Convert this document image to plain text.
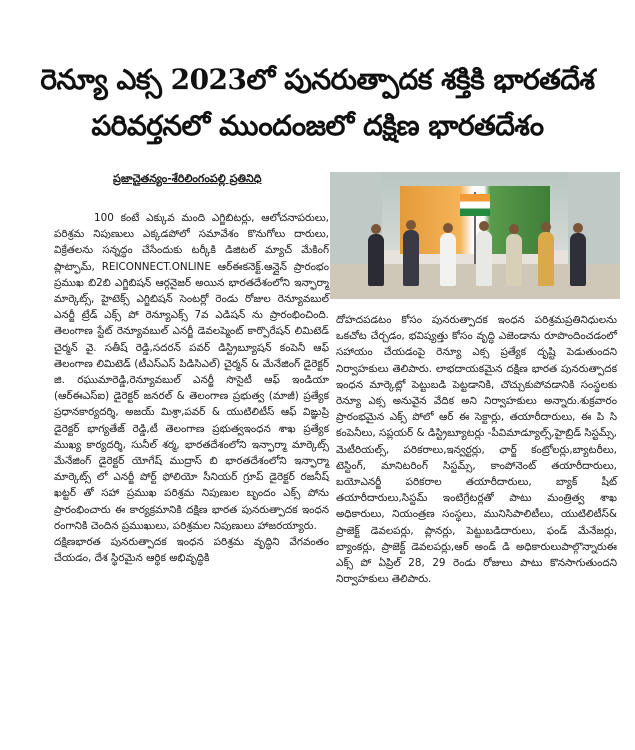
రెన్యూ ఎక్స 2023లో పునరుత్పాదక శక్తికి భారతదేశ
పరివర్తనలో ముందంజలో దక్షిణ భారతదేశం
ప్రజాచైతన్యం-శేరిలింగంపల్లి ప్రతినిధి

100 కంటే ఎక్కువ మంది ఎగ్జిబిటర్లు, ఆలోచనాపరులు, పరిశ్రమ నిపుణులు ఎక్కడపోలో సమావేశం కొనుగోలు దారులు, విక్రేతలను సన్నద్ధం చేసేందుకు టర్కీకి డిజిటల్ మ్యాచ్ మేకింగ్ ప్లాట్ఫామ్, REICONNECT.ONLINE ఆర్ఈకనెక్ట్.ఆన్లైన్ ప్రారంభం ప్రముఖ బి2బి ఎగ్జిబిషన్ ఆర్గనైజర్ అయిన భారతదేశంలోని ఇన్ఫార్మా మార్కెట్స్, హైటెక్స్ ఎగ్జిబిషన్ సెంటర్లో రెండు రోజుల రెన్యూవబుల్ ఎనర్జీ ట్రేడ్ ఎక్స్ పో రెన్యూఎక్స్ 7వ ఎడిషన్ ను ప్రారంభించింది. తెలంగాణ స్టేట్ రెన్యూవబుల్ ఎనర్జీ డెవలప్మెంట్ కార్పొరేషన్ లిమిటెడ్ చైర్మన్ వై. సతీష్ రెడ్డి,సదరన్ పవర్ డిస్ట్రిబ్యూషన్ కంపెనీ ఆఫ్ తెలంగాణ లిమిటెడ్ (టీఎస్ఎస్ పిడిసిఎల్) చైర్మన్ & మేనేజింగ్ డైరెక్టర్ జి. రఘుమారెడ్డి,రెన్యూవబుల్ ఎనర్జీ సొసైటీ ఆఫ్ ఇండియా (ఆర్ఈఎస్ఐ) డైరెక్టర్ జనరల్ & తెలంగాణ ప్రభుత్వ (మాజీ) ప్రత్యేక ప్రధానకార్యదర్శి, అజయ్ మిశ్రా,పవర్ & యుటిలిటీస్ ఆఫ్ విఙ్ఞుప్రి డైరెక్టర్ భాగ్యతేజ్ రెడ్డి,టీ తెలంగాణ ప్రభుత్వఇంధన శాఖ ప్రత్యేక ముఖ్య కార్యదర్శి, సునీల్ శర్మ, భారతదేశంలోని ఇన్ఫార్మా మార్కెట్స్ మేనేజింగ్ డైరెక్టర్ యోగేష్ ముద్రాస్ బి భారతదేశంలోని ఇన్ఫార్మా మార్కెట్స్ లో ఎనర్జీ పోర్ట్ ఫోలియో సీనియర్ గ్రూప్ డైరెక్టర్ రజనీష్ ఖట్టర్ తో సహా ప్రముఖ పరిశ్రమ నిపుణుల బృందం ఎక్స్ పోను ప్రారంభించారు ఈ కార్యక్రమానికి దక్షిణ భారత పునరుత్పాదక ఇంధన రంగానికి చెందిన ప్రముఖులు, పరిశ్రమల నిపుణులు హాజరయ్యారు.

దక్షిణభారత పునరుత్పాదక ఇంధన పరిశ్రమ వృద్ధిని వేగవంతం చేయడం, దేశ స్థిరమైన ఆర్థిక అభివృద్ధికి

దోహదపడటం కోసం పునరుత్పాదక ఇంధన పరిశ్రమప్రతినిధులను ఒకచోట చేర్చడం, భవిష్యత్తు కోసం వృద్ధి ఎజెండాను రూపొందించడంలో సహాయం చేయడంపై రెన్యూ ఎక్స ప్రత్యేక దృష్టి పెడుతుందని నిర్వాహకులు తెలిపారు. లాభదాయకమైన దక్షిణ భారత పునరుత్పాదక ఇంధన మార్కెట్లో పెట్టుబడి పెట్టడానికి, చొచ్చుకుపోవడానికి సంస్థలకు రెన్యూ ఎక్స అనువైన వేదిక అని నిర్వాహకులు అన్నారు.శుక్రవారం ప్రారంభమైన ఎక్స్ పోలో ఆర్ ఈ సెక్టార్లు, తయారీదారులు, ఈ పి సి కంపెనీలు, సప్లయర్ & డిస్ట్రిబ్యూటర్లు -పీవిమాడ్యూల్స్,హైబ్రిడ్ సిస్టమ్స్, మెటీరియల్స్, పరికరాలు,ఇన్వర్టర్లు, ఛార్జ్ కంట్రోలర్లు,బ్యాటరీలు, టెస్టింగ్, మానిటరింగ్ సిస్టమ్స్, కాంపోనెంట్ తయారీదారులు, బయోఎనర్జీ పరికరాల తయారీదారులు, బ్యాక్ షీట్ తయారీదారులు,సిస్టమ్ ఇంటిగ్రేటర్లతో పాటు మంత్రిత్వ శాఖ అధికారులు, నియంత్రణ సంస్థలు, మునిసిపాలిటీలు, యుటిలిటీస్& ప్రాజెక్ట్ డెవలపర్లు, ప్లానర్లు, పెట్టుబడిదారులు, ఫండ్ మేనేజర్లు, బ్యాంకర్లు, ప్రాజెక్ట్ డెవలపర్లు,ఆర్ అండ్ డి అధికారులుపాల్గొన్నారుఈ ఎక్స్ పో ఏప్రిల్ 28, 29 రెండు రోజులు పాటు కొనసాగుతుందని నిర్వాహకులు తెలిపారు.
